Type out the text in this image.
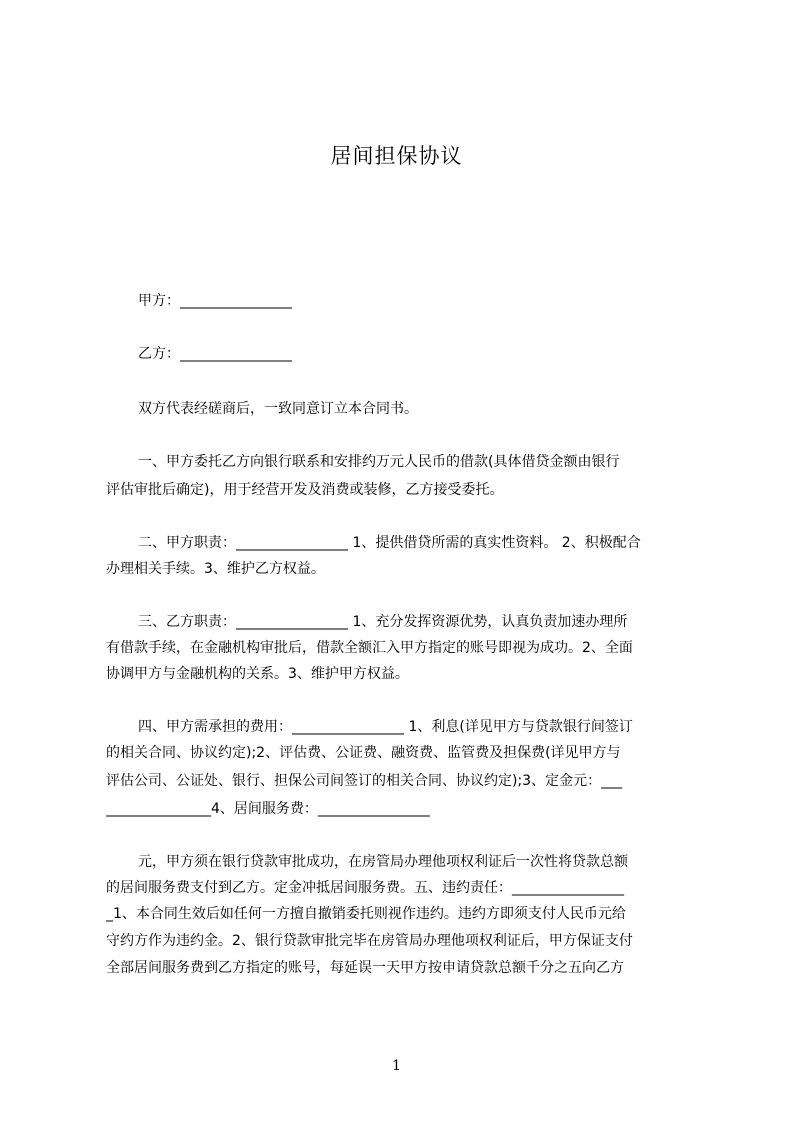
居间担保协议
甲方：________________
乙方：________________
双方代表经磋商后，一致同意订立本合同书。
一、甲方委托乙方向银行联系和安排约万元人民币的借款(具体借贷金额由银行
评估审批后确定)，用于经营开发及消费或装修，乙方接受委托。
二、甲方职责：________________ 1、提供借贷所需的真实性资料。 2、积极配合
办理相关手续。3、维护乙方权益。
三、乙方职责：________________ 1、充分发挥资源优势，认真负责加速办理所
有借款手续，在金融机构审批后，借款全额汇入甲方指定的账号即视为成功。2、全面
协调甲方与金融机构的关系。3、维护甲方权益。
四、甲方需承担的费用：________________ 1、利息(详见甲方与贷款银行间签订
的相关合同、协议约定);2、评估费、公证费、融资费、监管费及担保费(详见甲方与
评估公司、公证处、银行、担保公司间签订的相关合同、协议约定);3、定金元：___
_______________4、居间服务费：________________
元，甲方须在银行贷款审批成功，在房管局办理他项权利证后一次性将贷款总额
的居间服务费支付到乙方。定金冲抵居间服务费。五、违约责任：________________
_1、本合同生效后如任何一方擅自撤销委托则视作违约。违约方即须支付人民币元给
守约方作为违约金。2、银行贷款审批完毕在房管局办理他项权利证后，甲方保证支付
全部居间服务费到乙方指定的账号，每延误一天甲方按申请贷款总额千分之五向乙方
1
